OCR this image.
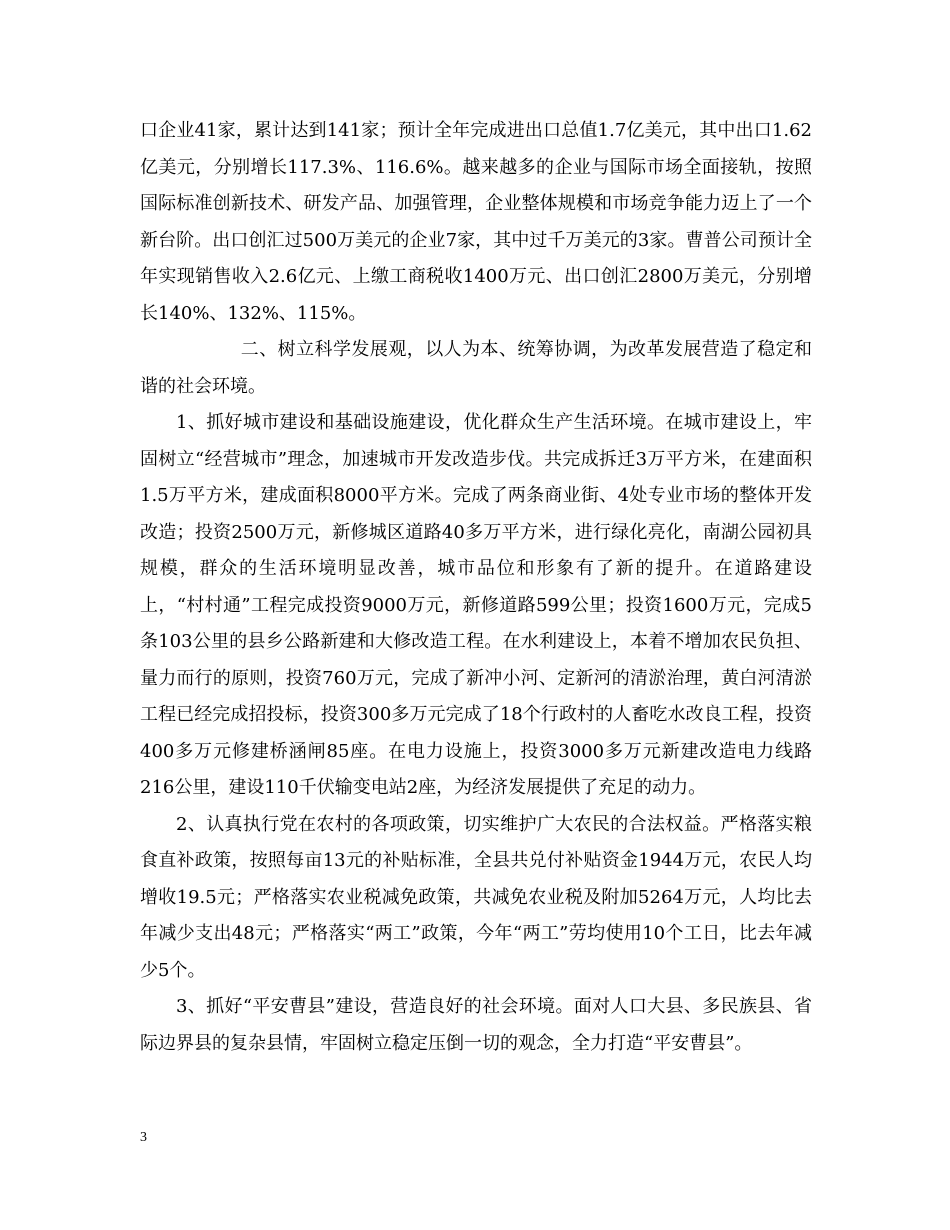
口企业41家，累计达到141家；预计全年完成进出口总值1.7亿美元，其中出口1.62亿美元，分别增长117.3%、116.6%。越来越多的企业与国际市场全面接轨，按照国际标准创新技术、研发产品、加强管理，企业整体规模和市场竞争能力迈上了一个新台阶。出口创汇过500万美元的企业7家，其中过千万美元的3家。曹普公司预计全年实现销售收入2.6亿元、上缴工商税收1400万元、出口创汇2800万美元，分别增长140%、132%、115%。

二、树立科学发展观，以人为本、统筹协调，为改革发展营造了稳定和谐的社会环境。

1、抓好城市建设和基础设施建设，优化群众生产生活环境。在城市建设上，牢固树立“经营城市”理念，加速城市开发改造步伐。共完成拆迁3万平方米，在建面积1.5万平方米，建成面积8000平方米。完成了两条商业街、4处专业市场的整体开发改造；投资2500万元，新修城区道路40多万平方米，进行绿化亮化，南湖公园初具规模，群众的生活环境明显改善，城市品位和形象有了新的提升。在道路建设上，“村村通”工程完成投资9000万元，新修道路599公里；投资1600万元，完成5条103公里的县乡公路新建和大修改造工程。在水利建设上，本着不增加农民负担、量力而行的原则，投资760万元，完成了新冲小河、定新河的清淤治理，黄白河清淤工程已经完成招投标，投资300多万元完成了18个行政村的人畜吃水改良工程，投资400多万元修建桥涵闸85座。在电力设施上，投资3000多万元新建改造电力线路216公里，建设110千伏输变电站2座，为经济发展提供了充足的动力。

2、认真执行党在农村的各项政策，切实维护广大农民的合法权益。严格落实粮食直补政策，按照每亩13元的补贴标准，全县共兑付补贴资金1944万元，农民人均增收19.5元；严格落实农业税减免政策，共减免农业税及附加5264万元，人均比去年减少支出48元；严格落实“两工”政策，今年“两工”劳均使用10个工日，比去年减少5个。

3、抓好“平安曹县”建设，营造良好的社会环境。面对人口大县、多民族县、省际边界县的复杂县情，牢固树立稳定压倒一切的观念，全力打造“平安曹县”。

3
